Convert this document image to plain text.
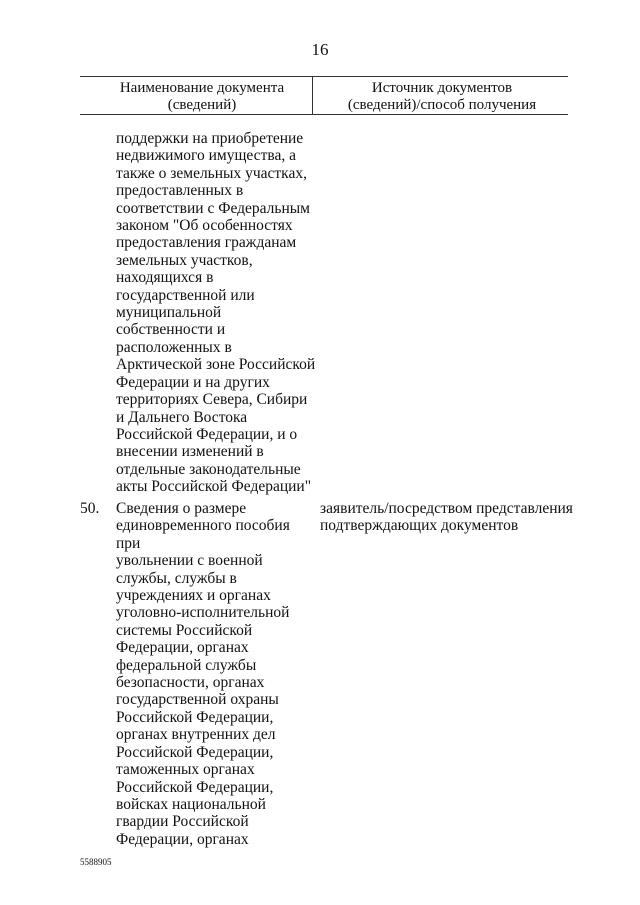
16
Наименование документа
(сведений)
Источник документов
(сведений)/способ получения
поддержки на приобретение
недвижимого имущества, а
также о земельных участках,
предоставленных в
соответствии с Федеральным
законом "Об особенностях
предоставления гражданам
земельных участков,
находящихся в
государственной или
муниципальной
собственности и
расположенных в
Арктической зоне Российской
Федерации и на других
территориях Севера, Сибири
и Дальнего Востока
Российской Федерации, и о
внесении изменений в
отдельные законодательные
акты Российской Федерации"
50. Сведения о размере
единовременного пособия при
увольнении с военной
службы, службы в
учреждениях и органах
уголовно-исполнительной
системы Российской
Федерации, органах
федеральной службы
безопасности, органах
государственной охраны
Российской Федерации,
органах внутренних дел
Российской Федерации,
таможенных органах
Российской Федерации,
войсках национальной
гвардии Российской
Федерации, органах
заявитель/посредством представления
подтверждающих документов
5588905
